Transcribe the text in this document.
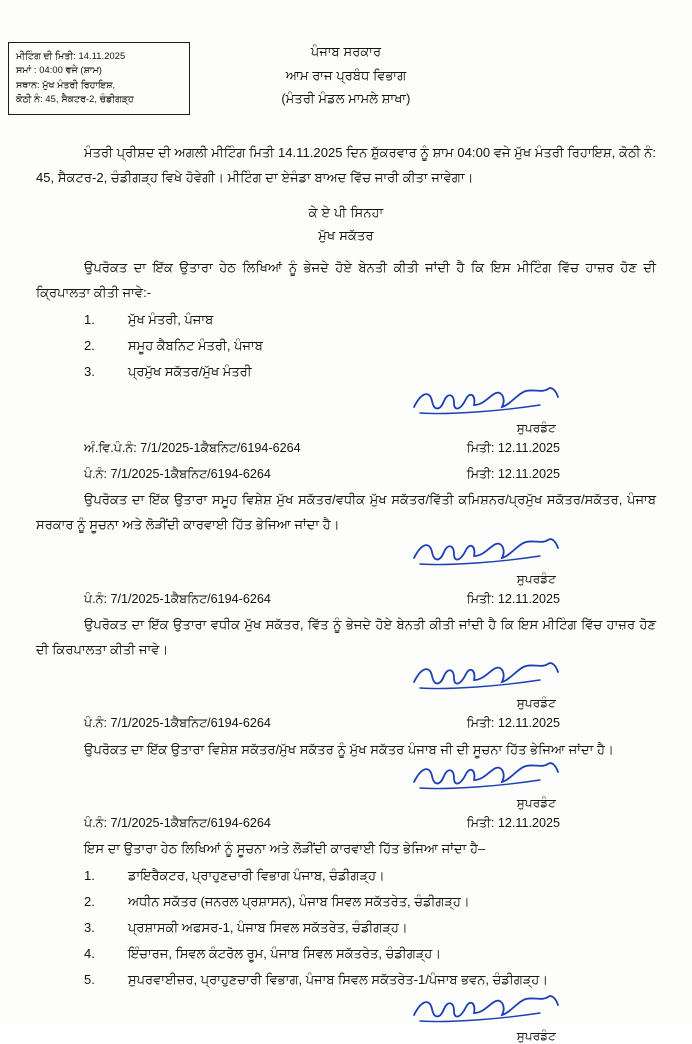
ਮੀਟਿੰਗ ਦੀ ਮਿਤੀ: 14.11.2025
ਸਮਾਂ : 04:00 ਵਜੇ (ਸ਼ਾਮ)
ਸਥਾਨ: ਮੁੱਖ ਮੰਤਰੀ ਰਿਹਾਇਸ਼,
ਕੋਠੀ ਨੰ: 45, ਸੈਕਟਰ-2, ਚੰਡੀਗੜ੍ਹ
ਪੰਜਾਬ ਸਰਕਾਰ
ਆਮ ਰਾਜ ਪ੍ਰਬੰਧ ਵਿਭਾਗ
(ਮੰਤਰੀ ਮੰਡਲ ਮਾਮਲੇ ਸ਼ਾਖਾ)

ਮੰਤਰੀ ਪ੍ਰੀਸ਼ਦ ਦੀ ਅਗਲੀ ਮੀਟਿੰਗ ਮਿਤੀ 14.11.2025 ਦਿਨ ਸ਼ੁੱਕਰਵਾਰ ਨੂੰ ਸ਼ਾਮ 04:00 ਵਜੇ ਮੁੱਖ ਮੰਤਰੀ ਰਿਹਾਇਸ਼, ਕੋਠੀ ਨੰ: 45, ਸੈਕਟਰ-2, ਚੰਡੀਗੜ੍ਹ ਵਿਖੇ ਹੋਵੇਗੀ। ਮੀਟਿੰਗ ਦਾ ਏਜੰਡਾ ਬਾਅਦ ਵਿੱਚ ਜਾਰੀ ਕੀਤਾ ਜਾਵੇਗਾ।

ਕੇ ਏ ਪੀ ਸਿਨਹਾ
ਮੁੱਖ ਸਕੱਤਰ

ਉਪਰੋਕਤ ਦਾ ਇੱਕ ਉਤਾਰਾ ਹੇਠ ਲਿਖਿਆਂ ਨੂੰ ਭੇਜਦੇ ਹੋਏ ਬੇਨਤੀ ਕੀਤੀ ਜਾਂਦੀ ਹੈ ਕਿ ਇਸ ਮੀਟਿੰਗ ਵਿੱਚ ਹਾਜ਼ਰ ਹੋਣ ਦੀ ਕ੍ਰਿਪਾਲਤਾ ਕੀਤੀ ਜਾਵੇ:-

1.	ਮੁੱਖ ਮੰਤਰੀ, ਪੰਜਾਬ
2.	ਸਮੂਹ ਕੈਬਨਿਟ ਮੰਤਰੀ, ਪੰਜਾਬ
3.	ਪ੍ਰਮੁੱਖ ਸਕੱਤਰ/ਮੁੱਖ ਮੰਤਰੀ
ਸੁਪਰਡੰਟ
ਅੰ.ਵਿ.ਪੰ.ਨੰ: 7/1/2025-1ਕੈਬਨਿਟ/6194-6264	ਮਿਤੀ: 12.11.2025
ਪੰ.ਨੰ: 7/1/2025-1ਕੈਬਨਿਟ/6194-6264	ਮਿਤੀ: 12.11.2025

ਉਪਰੋਕਤ ਦਾ ਇੱਕ ਉਤਾਰਾ ਸਮੂਹ ਵਿਸ਼ੇਸ਼ ਮੁੱਖ ਸਕੱਤਰ/ਵਧੀਕ ਮੁੱਖ ਸਕੱਤਰ/ਵਿੱਤੀ ਕਮਿਸ਼ਨਰ/ਪ੍ਰਮੁੱਖ ਸਕੱਤਰ/ਸਕੱਤਰ, ਪੰਜਾਬ ਸਰਕਾਰ ਨੂੰ ਸੂਚਨਾ ਅਤੇ ਲੋੜੀਂਦੀ ਕਾਰਵਾਈ ਹਿੱਤ ਭੇਜਿਆ ਜਾਂਦਾ ਹੈ।

ਸੁਪਰਡੰਟ
ਪੰ.ਨੰ: 7/1/2025-1ਕੈਬਨਿਟ/6194-6264	ਮਿਤੀ: 12.11.2025

ਉਪਰੋਕਤ ਦਾ ਇੱਕ ਉਤਾਰਾ ਵਧੀਕ ਮੁੱਖ ਸਕੱਤਰ, ਵਿੱਤ ਨੂੰ ਭੇਜਦੇ ਹੋਏ ਬੇਨਤੀ ਕੀਤੀ ਜਾਂਦੀ ਹੈ ਕਿ ਇਸ ਮੀਟਿੰਗ ਵਿੱਚ ਹਾਜ਼ਰ ਹੋਣ ਦੀ ਕਿਰਪਾਲਤਾ ਕੀਤੀ ਜਾਵੇ।

ਸੁਪਰਡੰਟ
ਪੰ.ਨੰ: 7/1/2025-1ਕੈਬਨਿਟ/6194-6264	ਮਿਤੀ: 12.11.2025

ਉਪਰੋਕਤ ਦਾ ਇੱਕ ਉਤਾਰਾ ਵਿਸ਼ੇਸ਼ ਸਕੱਤਰ/ਮੁੱਖ ਸਕੱਤਰ ਨੂੰ ਮੁੱਖ ਸਕੱਤਰ ਪੰਜਾਬ ਜੀ ਦੀ ਸੂਚਨਾ ਹਿੱਤ ਭੇਜਿਆ ਜਾਂਦਾ ਹੈ।

ਸੁਪਰਡੰਟ
ਪੰ.ਨੰ: 7/1/2025-1ਕੈਬਨਿਟ/6194-6264	ਮਿਤੀ: 12.11.2025

ਇਸ ਦਾ ਉਤਾਰਾ ਹੇਠ ਲਿਖਿਆਂ ਨੂੰ ਸੂਚਨਾ ਅਤੇ ਲੋੜੀਂਦੀ ਕਾਰਵਾਈ ਹਿੱਤ ਭੇਜਿਆ ਜਾਂਦਾ ਹੈ–

1.	ਡਾਇਰੈਕਟਰ, ਪ੍ਰਾਹੁਣਚਾਰੀ ਵਿਭਾਗ ਪੰਜਾਬ, ਚੰਡੀਗੜ੍ਹ।
2.	ਅਧੀਨ ਸਕੱਤਰ (ਜਨਰਲ ਪ੍ਰਸ਼ਾਸਨ), ਪੰਜਾਬ ਸਿਵਲ ਸਕੱਤਰੇਤ, ਚੰਡੀਗੜ੍ਹ।
3.	ਪ੍ਰਸ਼ਾਸਕੀ ਅਫਸਰ-1, ਪੰਜਾਬ ਸਿਵਲ ਸਕੱਤਰੇਤ, ਚੰਡੀਗੜ੍ਹ।
4.	ਇੰਚਾਰਜ, ਸਿਵਲ ਕੰਟਰੋਲ ਰੂਮ, ਪੰਜਾਬ ਸਿਵਲ ਸਕੱਤਰੇਤ, ਚੰਡੀਗੜ੍ਹ।
5.	ਸੁਪਰਵਾਈਜ਼ਰ, ਪ੍ਰਾਹੁਣਚਾਰੀ ਵਿਭਾਗ, ਪੰਜਾਬ ਸਿਵਲ ਸਕੱਤਰੇਤ-1/ਪੰਜਾਬ ਭਵਨ, ਚੰਡੀਗੜ੍ਹ।
ਸੁਪਰਡੰਟ
